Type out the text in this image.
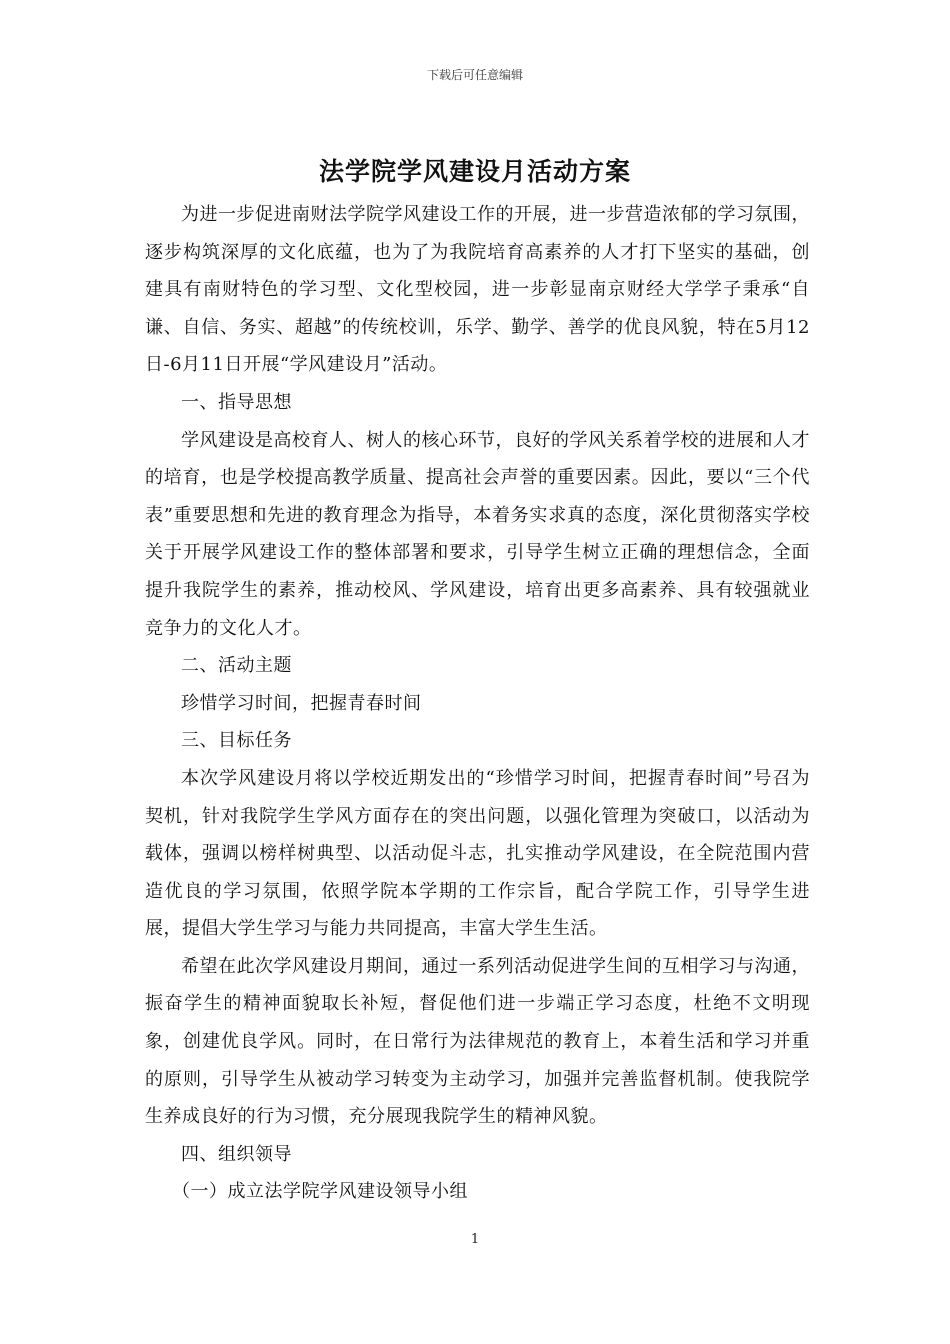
下载后可任意编辑
法学院学风建设月活动方案

为进一步促进南财法学院学风建设工作的开展，进一步营造浓郁的学习氛围，逐步构筑深厚的文化底蕴，也为了为我院培育高素养的人才打下坚实的基础，创建具有南财特色的学习型、文化型校园，进一步彰显南京财经大学学子秉承“自谦、自信、务实、超越”的传统校训，乐学、勤学、善学的优良风貌，特在5月12日-6月11日开展“学风建设月”活动。

一、指导思想

学风建设是高校育人、树人的核心环节，良好的学风关系着学校的进展和人才的培育，也是学校提高教学质量、提高社会声誉的重要因素。因此，要以“三个代表”重要思想和先进的教育理念为指导，本着务实求真的态度，深化贯彻落实学校关于开展学风建设工作的整体部署和要求，引导学生树立正确的理想信念，全面提升我院学生的素养，推动校风、学风建设，培育出更多高素养、具有较强就业竞争力的文化人才。

二、活动主题

珍惜学习时间，把握青春时间

三、目标任务

本次学风建设月将以学校近期发出的“珍惜学习时间，把握青春时间”号召为契机，针对我院学生学风方面存在的突出问题，以强化管理为突破口，以活动为载体，强调以榜样树典型、以活动促斗志，扎实推动学风建设，在全院范围内营造优良的学习氛围，依照学院本学期的工作宗旨，配合学院工作，引导学生进展，提倡大学生学习与能力共同提高，丰富大学生生活。

希望在此次学风建设月期间，通过一系列活动促进学生间的互相学习与沟通，振奋学生的精神面貌取长补短，督促他们进一步端正学习态度，杜绝不文明现象，创建优良学风。同时，在日常行为法律规范的教育上，本着生活和学习并重的原则，引导学生从被动学习转变为主动学习，加强并完善监督机制。使我院学生养成良好的行为习惯，充分展现我院学生的精神风貌。

四、组织领导

（一）成立法学院学风建设领导小组

1
